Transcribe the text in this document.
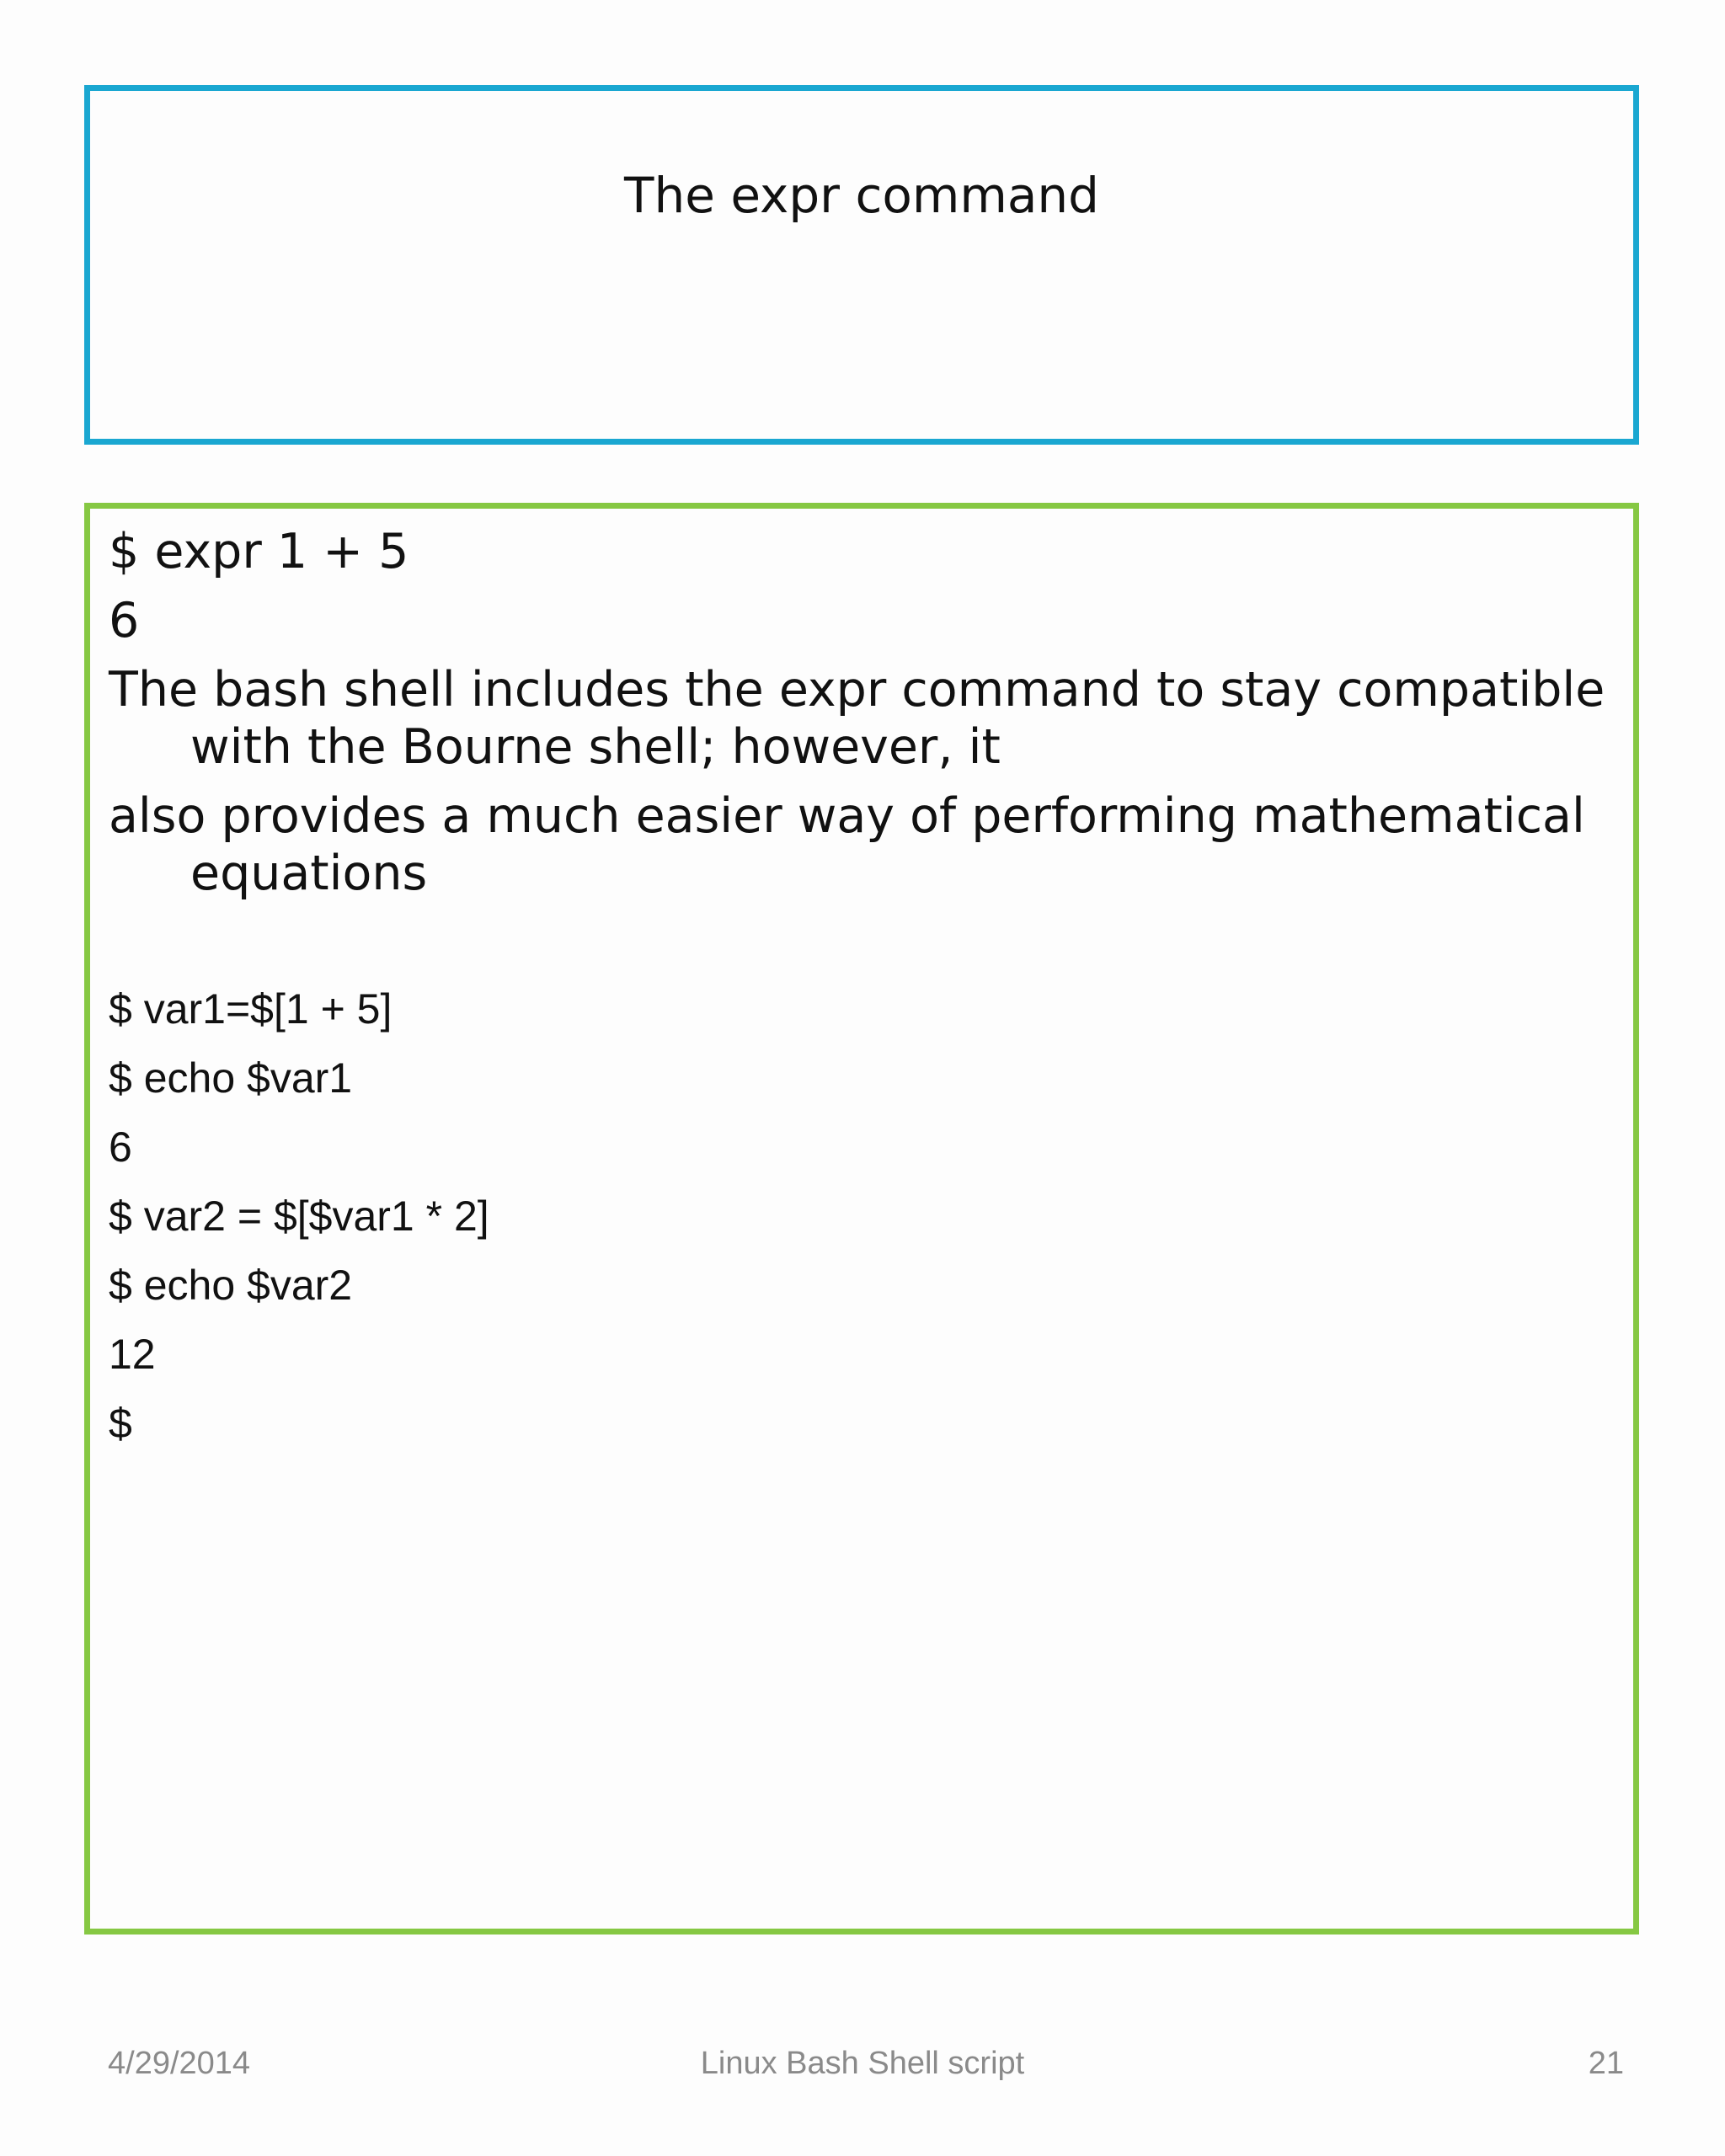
The expr command
$ expr 1 + 5
6
The bash shell includes the expr command to stay compatible with the Bourne shell; however, it
also provides a much easier way of performing mathematical equations
$ var1=$[1 + 5]
$ echo $var1
6
$ var2 = $[$var1 * 2]
$ echo $var2
12
$
4/29/2014	Linux Bash Shell script	21
